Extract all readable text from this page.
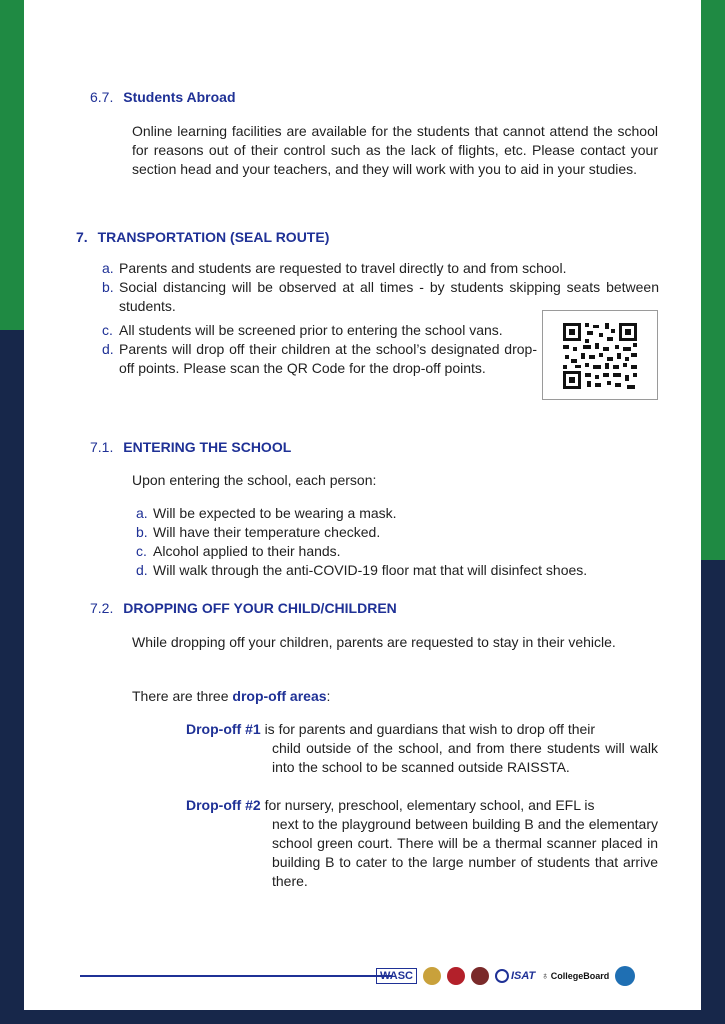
6.7. Students Abroad
Online learning facilities are available for the students that cannot attend the school for reasons out of their control such as the lack of flights, etc. Please contact your section head and your teachers, and they will work with you to aid in your studies.
7. TRANSPORTATION (SEAL ROUTE)
a. Parents and students are requested to travel directly to and from school.
b. Social distancing will be observed at all times - by students skipping seats between students.
c. All students will be screened prior to entering the school vans.
d. Parents will drop off their children at the school’s designated drop-off points. Please scan the QR Code for the drop-off points.
7.1. ENTERING THE SCHOOL
Upon entering the school, each person:
a. Will be expected to be wearing a mask.
b. Will have their temperature checked.
c. Alcohol applied to their hands.
d. Will walk through the anti-COVID-19 floor mat that will disinfect shoes.
7.2. DROPPING OFF YOUR CHILD/CHILDREN
While dropping off your children, parents are requested to stay in their vehicle.
There are three drop-off areas:
Drop-off #1 is for parents and guardians that wish to drop off their
child outside of the school, and from there students will walk into the school to be scanned outside RAISSTA.
Drop-off #2 for nursery, preschool, elementary school, and EFL is
next to the playground between building B and the elementary school green court. There will be a thermal scanner placed in building B to cater to the large number of students that arrive there.
WASC	ISAT ♁ CollegeBoard
